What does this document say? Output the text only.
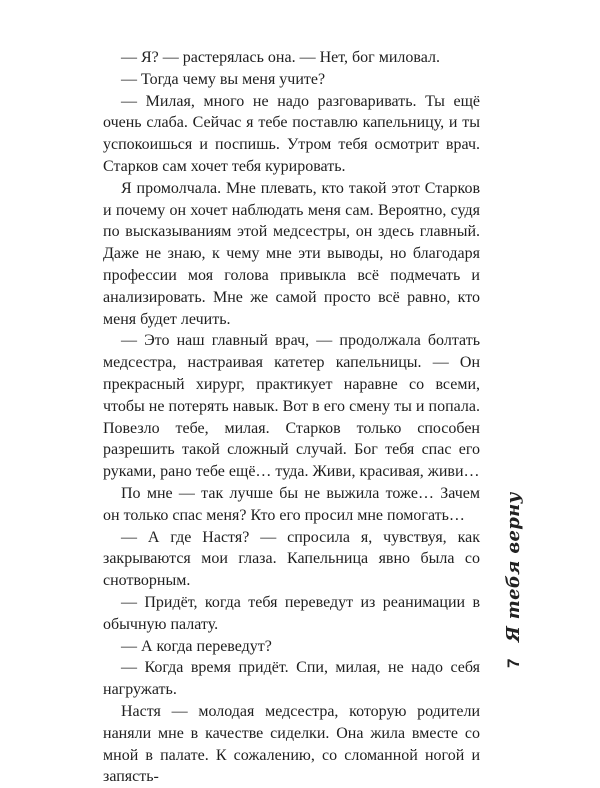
— Я? — растерялась она. — Нет, бог миловал.

— Тогда чему вы меня учите?

— Милая, много не надо разговаривать. Ты ещё очень слаба. Сейчас я тебе поставлю капельницу, и ты успокоишься и поспишь. Утром тебя осмотрит врач. Старков сам хочет тебя курировать.

Я промолчала. Мне плевать, кто такой этот Старков и почему он хочет наблюдать меня сам. Вероятно, судя по высказываниям этой медсестры, он здесь главный. Даже не знаю, к чему мне эти выводы, но благодаря профессии моя голова привыкла всё подмечать и анализировать. Мне же самой просто всё равно, кто меня будет лечить.

— Это наш главный врач, — продолжала болтать медсестра, настраивая катетер капельницы. — Он прекрасный хирург, практикует наравне со всеми, чтобы не потерять навык. Вот в его смену ты и попала. Повезло тебе, милая. Старков только способен разрешить такой сложный случай. Бог тебя спас его руками, рано тебе ещё… туда. Живи, красивая, живи…

По мне — так лучше бы не выжила тоже… Зачем он только спас меня? Кто его просил мне помогать…

— А где Настя? — спросила я, чувствуя, как закрываются мои глаза. Капельница явно была со снотворным.

— Придёт, когда тебя переведут из реанимации в обычную палату.

— А когда переведут?

— Когда время придёт. Спи, милая, не надо себя нагружать.

Настя — молодая медсестра, которую родители наняли мне в качестве сиделки. Она жила вместе со мной в палате. К сожалению, со сломанной ногой и запясть-

Я тебя верну
7
